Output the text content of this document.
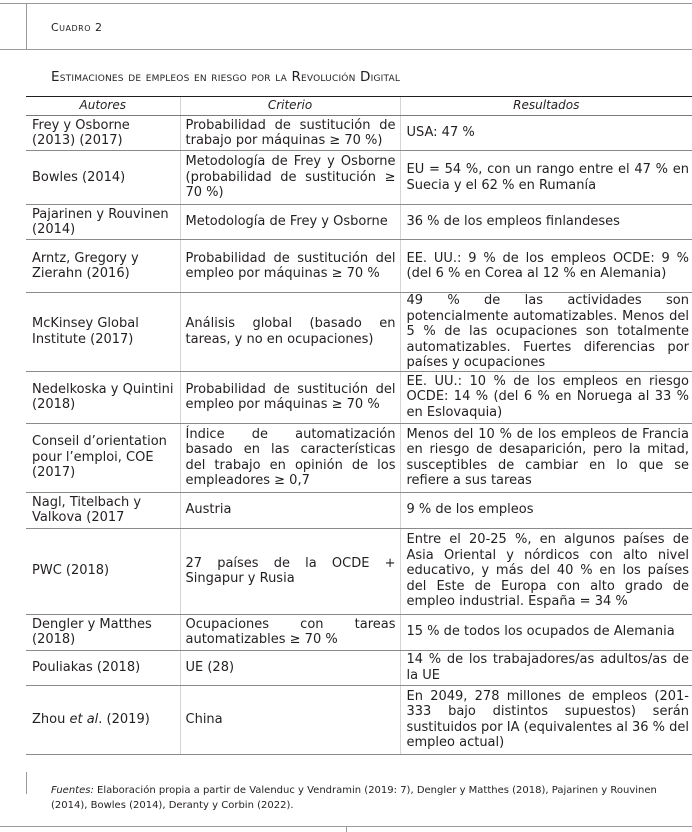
Cuadro 2
Estimaciones de empleos en riesgo por la Revolución Digital
Autores	Criterio	Resultados
Frey y Osborne (2013) (2017)	Probabilidad de sustitución de trabajo por máquinas ≥ 70 %)	USA: 47 %
Bowles (2014)	Metodología de Frey y Osborne (probabilidad de sustitución ≥ 70 %)	EU = 54 %, con un rango entre el 47 % en Suecia y el 62 % en Rumanía
Pajarinen y Rouvinen (2014)	Metodología de Frey y Osborne	36 % de los empleos finlandeses
Arntz, Gregory y Zierahn (2016)	Probabilidad de sustitución del empleo por máquinas ≥ 70 %	EE. UU.: 9 % de los empleos OCDE: 9 % (del 6 % en Corea al 12 % en Alemania)
McKinsey Global Institute (2017)	Análisis global (basado en tareas, y no en ocupaciones)	49 % de las actividades son potencialmente automatizables. Menos del 5 % de las ocupaciones son totalmente automatizables. Fuertes diferencias por países y ocupaciones
Nedelkoska y Quintini (2018)	Probabilidad de sustitución del empleo por máquinas ≥ 70 %	EE. UU.: 10 % de los empleos en riesgo OCDE: 14 % (del 6 % en Noruega al 33 % en Eslovaquia)
Conseil d’orientation pour l’emploi, COE (2017)	Índice de automatización basado en las características del trabajo en opinión de los empleadores ≥ 0,7	Menos del 10 % de los empleos de Francia en riesgo de desaparición, pero la mitad, susceptibles de cambiar en lo que se refiere a sus tareas
Nagl, Titelbach y Valkova (2017	Austria	9 % de los empleos
PWC (2018)	27 países de la OCDE + Singapur y Rusia	Entre el 20-25 %, en algunos países de Asia Oriental y nórdicos con alto nivel educativo, y más del 40 % en los países del Este de Europa con alto grado de empleo industrial. España = 34 %
Dengler y Matthes (2018)	Ocupaciones con tareas automatizables ≥ 70 %	15 % de todos los ocupados de Alemania
Pouliakas (2018)	UE (28)	14 % de los trabajadores/as adultos/as de la UE
Zhou et al. (2019)	China	En 2049, 278 millones de empleos (201-333 bajo distintos supuestos) serán sustituidos por IA (equivalentes al 36 % del empleo actual)
Fuentes: Elaboración propia a partir de Valenduc y Vendramin (2019: 7), Dengler y Matthes (2018), Pajarinen y Rouvinen (2014), Bowles (2014), Deranty y Corbin (2022).
